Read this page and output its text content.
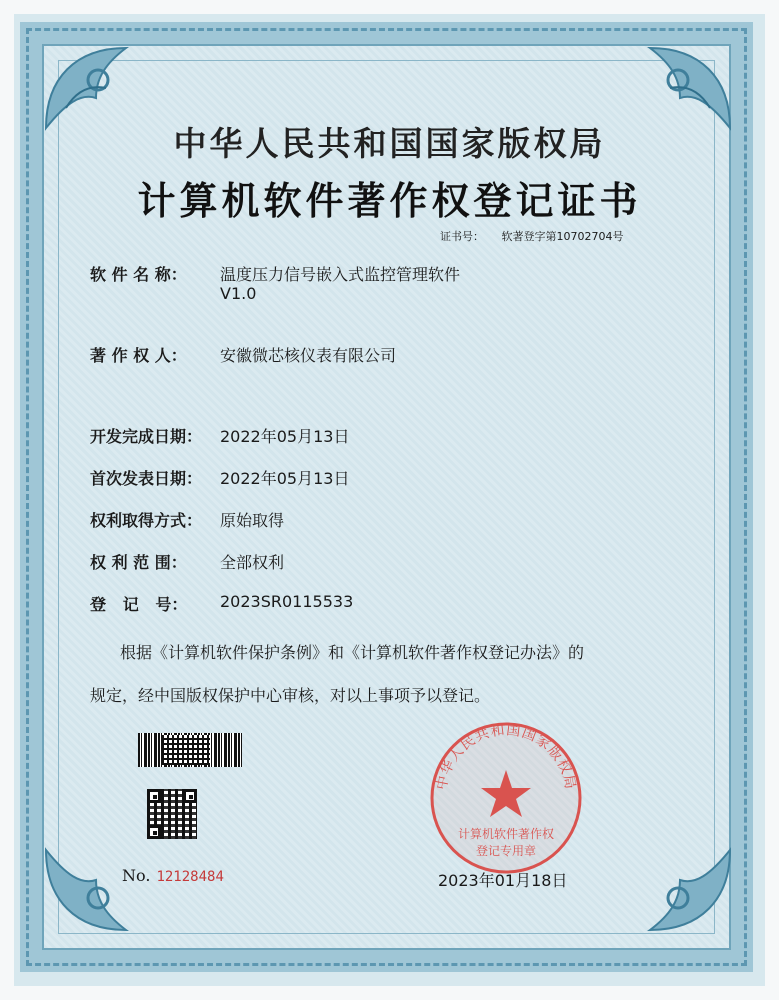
中华人民共和国国家版权局
计算机软件著作权登记证书
证书号： 软著登字第10702704号
软 件 名 称： 温度压力信号嵌入式监控管理软件
V1.0
著 作 权 人： 安徽微芯核仪表有限公司
开发完成日期： 2022年05月13日
首次发表日期： 2022年05月13日
权利取得方式： 原始取得
权 利 范 围： 全部权利
登   记   号： 2023SR0115533
根据《计算机软件保护条例》和《计算机软件著作权登记办法》的
规定，经中国版权保护中心审核，对以上事项予以登记。
No. 12128484
中华人民共和国国家版权局
计算机软件著作权
登记专用章
2023年01月18日
